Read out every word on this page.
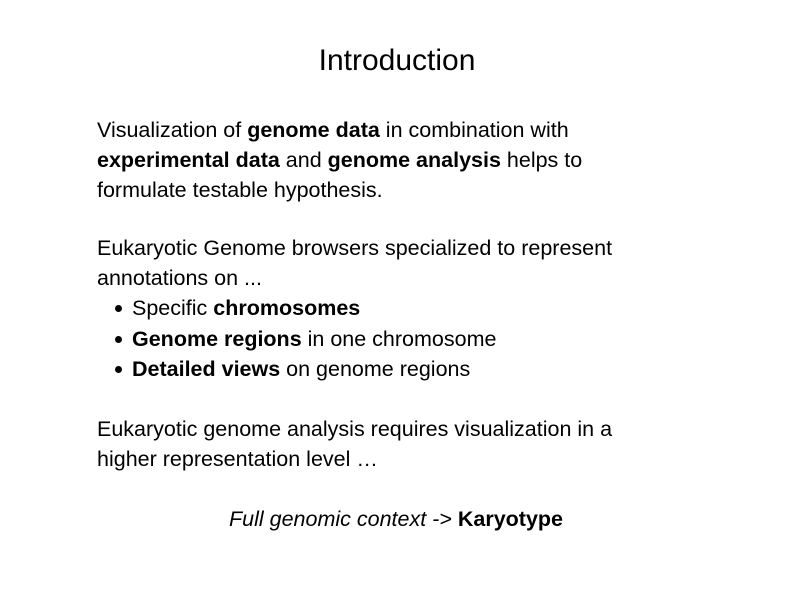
Introduction

Visualization of genome data in combination with
experimental data and genome analysis helps to
formulate testable hypothesis.

Eukaryotic Genome browsers specialized to represent
annotations on ...

Specific chromosomes
Genome regions in one chromosome
Detailed views on genome regions

Eukaryotic genome analysis requires visualization in a
higher representation level …

Full genomic context -> Karyotype
